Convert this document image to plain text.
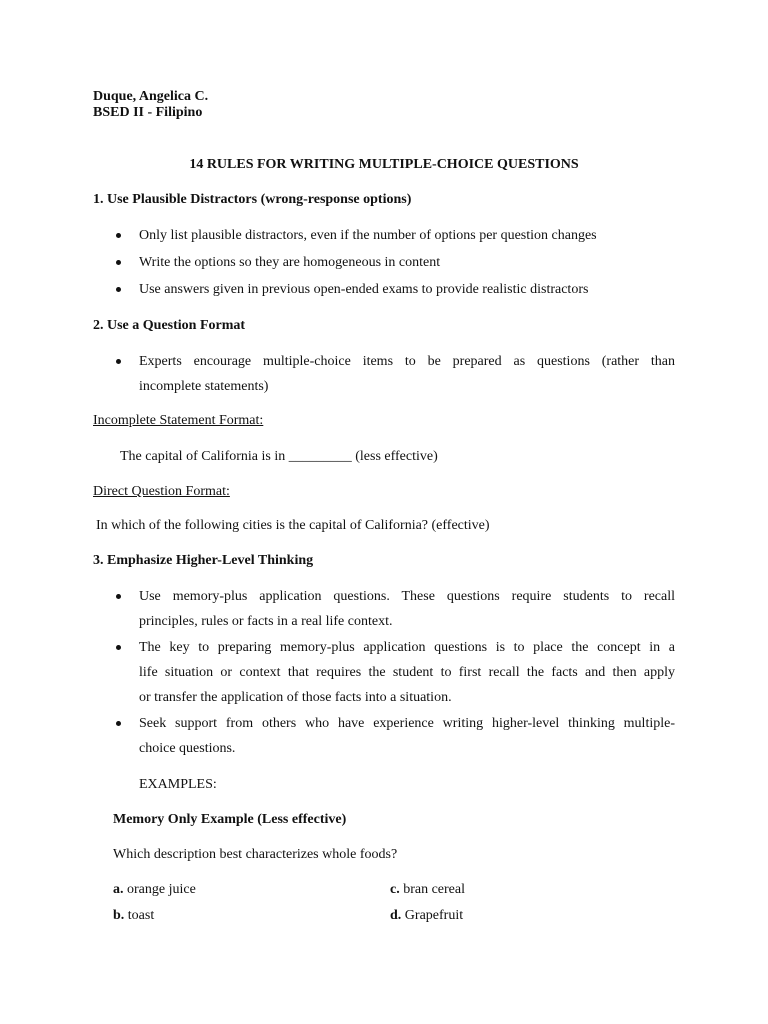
Duque, Angelica C.
BSED II - Filipino
14 RULES FOR WRITING MULTIPLE-CHOICE QUESTIONS
1. Use Plausible Distractors (wrong-response options)
Only list plausible distractors, even if the number of options per question changes
Write the options so they are homogeneous in content
Use answers given in previous open-ended exams to provide realistic distractors
2. Use a Question Format
Experts encourage multiple-choice items to be prepared as questions (rather than
incomplete statements)
Incomplete Statement Format:
The capital of California is in _________ (less effective)
Direct Question Format:
In which of the following cities is the capital of California? (effective)
3. Emphasize Higher-Level Thinking
Use memory-plus application questions. These questions require students to recall
principles, rules or facts in a real life context.
The key to preparing memory-plus application questions is to place the concept in a
life situation or context that requires the student to first recall the facts and then apply
or transfer the application of those facts into a situation.
Seek support from others who have experience writing higher-level thinking multiple-
choice questions.
EXAMPLES:
Memory Only Example (Less effective)
Which description best characterizes whole foods?
a. orange juice
b. toast
c. bran cereal
d. Grapefruit
